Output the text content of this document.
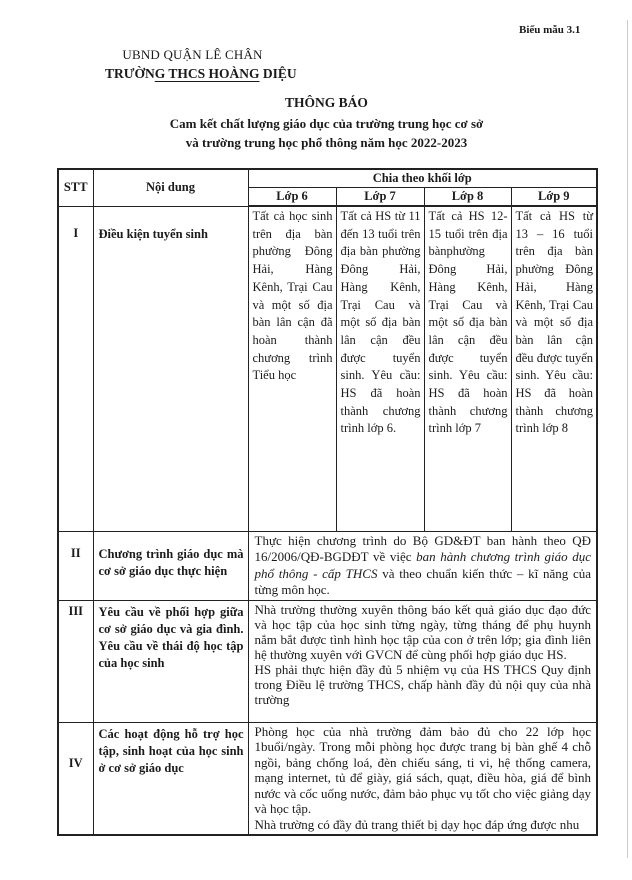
Biểu mẫu 3.1
UBND QUẬN LÊ CHÂN
TRƯỜNG THCS HOÀNG DIỆU
THÔNG BÁO
Cam kết chất lượng giáo dục của trường trung học cơ sở
và trường trung học phổ thông năm học 2022-2023
STT	Nội dung	Chia theo khối lớp			
		Lớp 6	Lớp 7	Lớp 8	Lớp 9
I	Điều kiện tuyển sinh	Tất cả học sinh trên địa bàn phường Đông Hải, Hàng Kênh, Trại Cau và một số địa bàn lân cận đã hoàn thành chương trình Tiểu học	Tất cả HS từ 11 đến 13 tuổi trên địa bàn phường Đông Hải, Hàng Kênh, Trại Cau và một số địa bàn lân cận đều được tuyển sinh. Yêu cầu: HS đã hoàn thành chương trình lớp 6.	Tất cả HS 12-15 tuổi trên địa bànphường Đông Hải, Hàng Kênh, Trại Cau và một số địa bàn lân cận đều được tuyển sinh. Yêu cầu: HS đã hoàn thành chương trình lớp 7	Tất cả HS từ 13 – 16 tuổi trên địa bàn phường Đông Hải, Hàng Kênh, Trại Cau và một số địa bàn lân cận đều được tuyển sinh. Yêu cầu: HS đã hoàn thành chương trình lớp 8
II	Chương trình giáo dục mà cơ sở giáo dục thực hiện	Thực hiện chương trình do Bộ GD&ĐT ban hành theo QĐ 16/2006/QĐ-BGDĐT về việc ban hành chương trình giáo dục phổ thông - cấp THCS và theo chuẩn kiến thức – kĩ năng của từng môn học.			
III	Yêu cầu về phối hợp giữa cơ sở giáo dục và gia đình. Yêu cầu về thái độ học tập của học sinh	Nhà trường thường xuyên thông báo kết quả giáo dục đạo đức và học tập của học sinh từng ngày, từng tháng để phụ huynh nắm bắt được tình hình học tập của con ở trên lớp; gia đình liên hệ thường xuyên với GVCN để cùng phối hợp giáo dục HS.
HS phải thực hiện đầy đủ 5 nhiệm vụ của HS THCS Quy định trong Điều lệ trường THCS, chấp hành đầy đủ nội quy của nhà trường			

IV	Các hoạt động hỗ trợ học tập, sinh hoạt của học sinh ở cơ sở giáo dục	Phòng học của nhà trường đảm bảo đủ cho 22 lớp học 1buổi/ngày. Trong mỗi phòng học được trang bị bàn ghế 4 chỗ ngồi, bảng chống loá, đèn chiếu sáng, ti vi, hệ thống camera, mạng internet, tủ để giày, giá sách, quạt, điều hòa, giá để bình nước và cốc uống nước, đảm bảo phục vụ tốt cho việc giảng dạy và học tập.
Nhà trường có đầy đủ trang thiết bị dạy học đáp ứng được nhu			
